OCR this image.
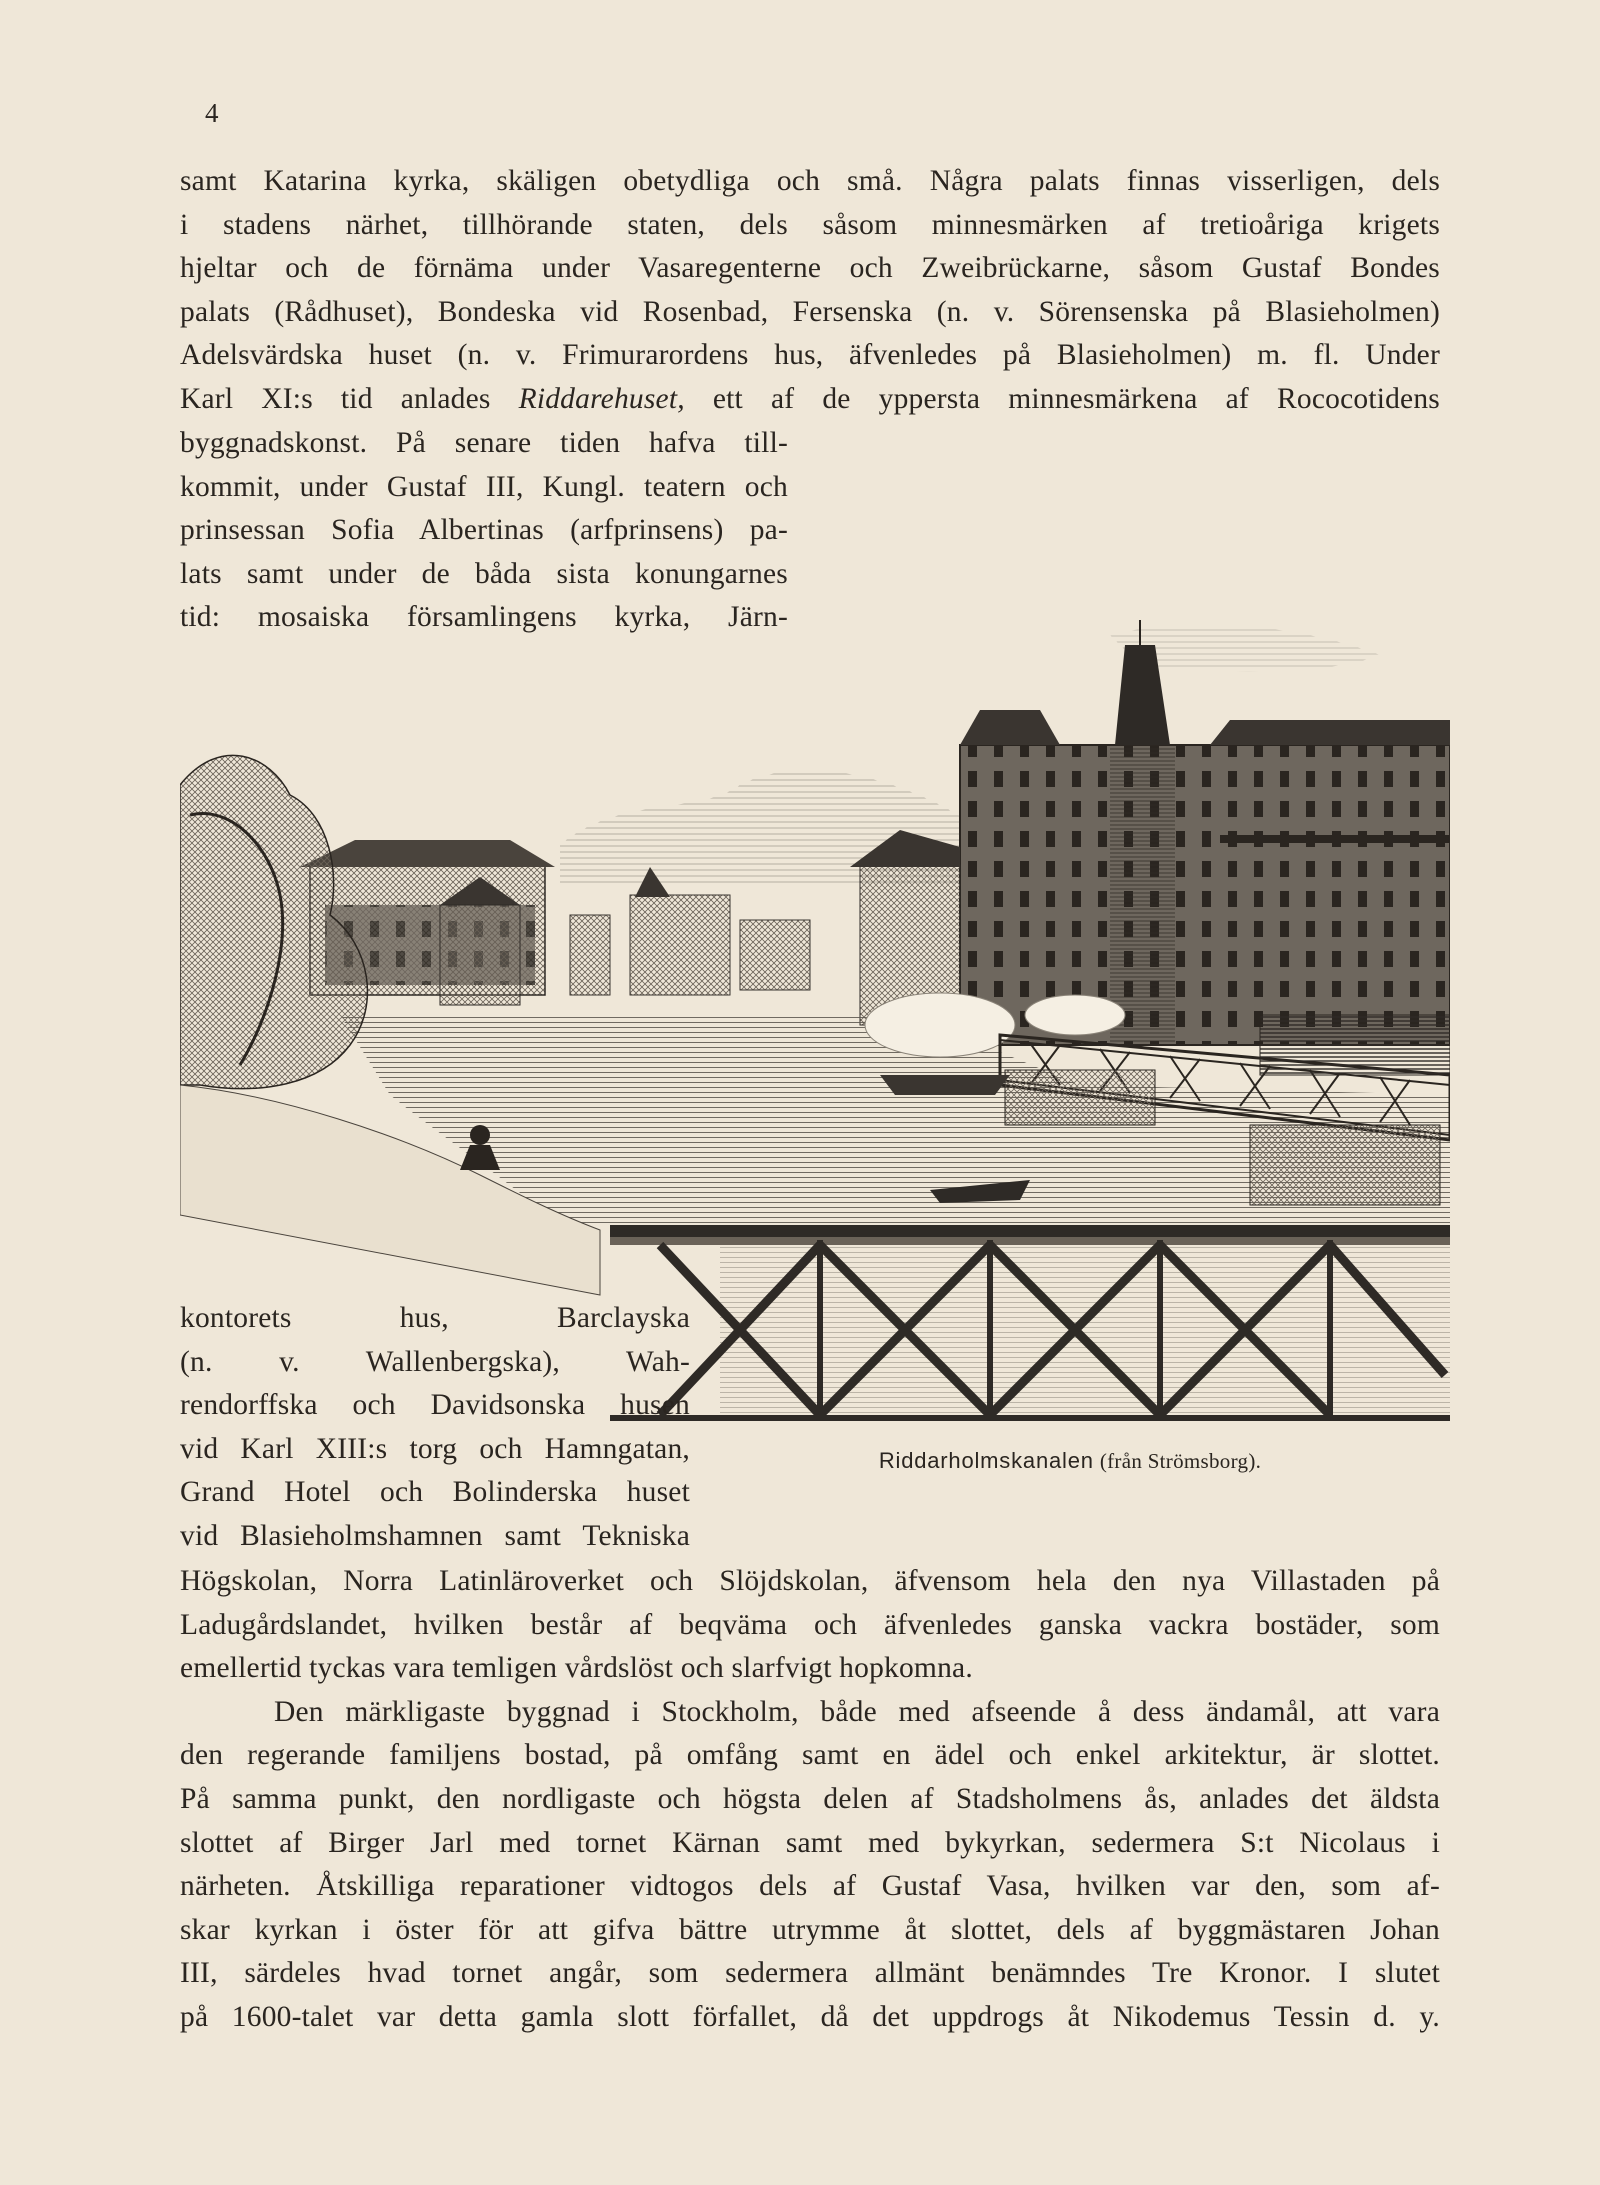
4
samt Katarina kyrka, skäligen obetydliga och små. Några palats finnas visserligen, dels
i stadens närhet, tillhörande staten, dels såsom minnesmärken af tretioåriga krigets
hjeltar och de förnäma under Vasaregenterne och Zweibrückarne, såsom Gustaf Bondes
palats (Rådhuset), Bondeska vid Rosenbad, Fersenska (n. v. Sörensenska på Blasieholmen)
Adelsvärdska huset (n. v. Frimurarordens hus, äfvenledes på Blasieholmen) m. fl. Under
Karl XI:s tid anlades Riddarehuset, ett af de yppersta minnesmärkena af Rococotidens
byggnadskonst. På senare tiden hafva till-
kommit, under Gustaf III, Kungl. teatern och
prinsessan Sofia Albertinas (arfprinsens) pa-
lats samt under de båda sista konungarnes
tid: mosaiska församlingens kyrka, Järn-
kontorets hus, Barclayska
(n. v. Wallenbergska), Wah-
rendorffska och Davidsonska husen
vid Karl XIII:s torg och Hamngatan,
Grand Hotel och Bolinderska huset
vid Blasieholmshamnen samt Tekniska
Riddarholmskanalen (från Strömsborg).
Högskolan, Norra Latinläroverket och Slöjdskolan, äfvensom hela den nya Villastaden på
Ladugårdslandet, hvilken består af beqväma och äfvenledes ganska vackra bostäder, som
emellertid tyckas vara temligen vårdslöst och slarfvigt hopkomna.
Den märkligaste byggnad i Stockholm, både med afseende å dess ändamål, att vara
den regerande familjens bostad, på omfång samt en ädel och enkel arkitektur, är slottet.
På samma punkt, den nordligaste och högsta delen af Stadsholmens ås, anlades det äldsta
slottet af Birger Jarl med tornet Kärnan samt med bykyrkan, sedermera S:t Nicolaus i
närheten. Åtskilliga reparationer vidtogos dels af Gustaf Vasa, hvilken var den, som af-
skar kyrkan i öster för att gifva bättre utrymme åt slottet, dels af byggmästaren Johan
III, särdeles hvad tornet angår, som sedermera allmänt benämndes Tre Kronor. I slutet
på 1600-talet var detta gamla slott förfallet, då det uppdrogs åt Nikodemus Tessin d. y.
